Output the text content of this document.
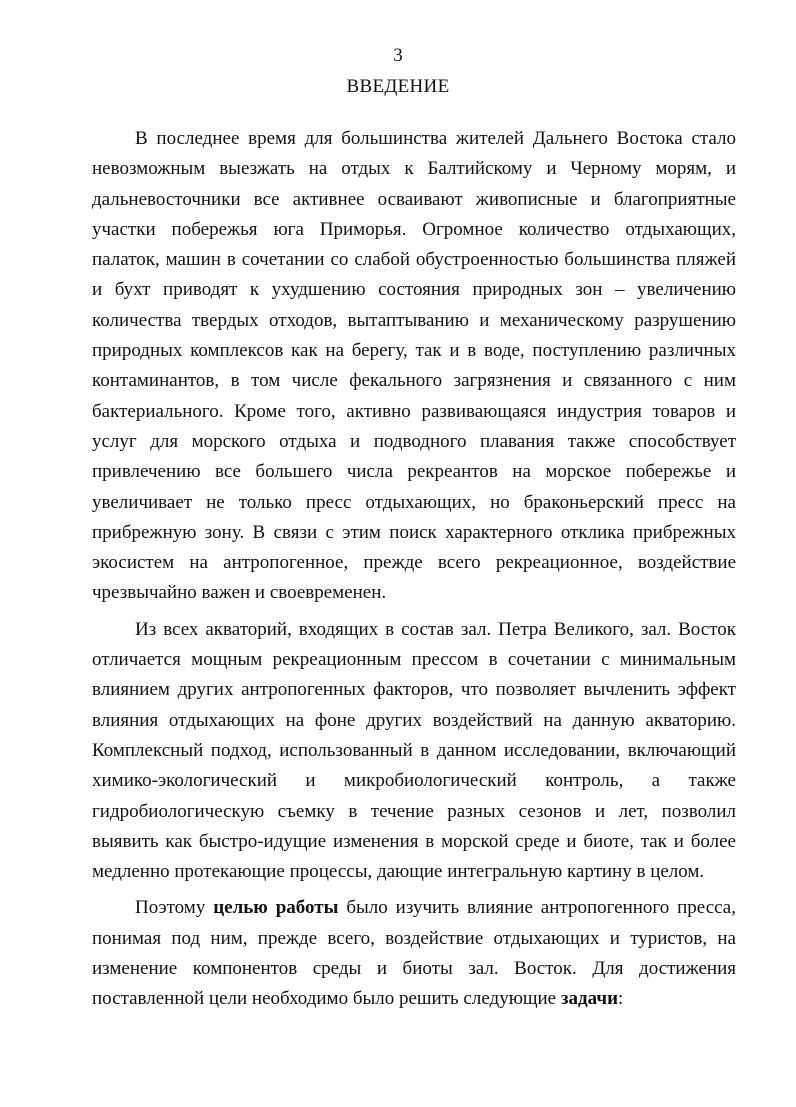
3
ВВЕДЕНИЕ

В последнее время для большинства жителей Дальнего Востока стало невозможным выезжать на отдых к Балтийскому и Черному морям, и дальневосточники все активнее осваивают живописные и благоприятные участки побережья юга Приморья. Огромное количество отдыхающих, палаток, машин в сочетании со слабой обустроенностью большинства пляжей и бухт приводят к ухудшению состояния природных зон – увеличению количества твердых отходов, вытаптыванию и механическому разрушению природных комплексов как на берегу, так и в воде, поступлению различных контаминантов, в том числе фекального загрязнения и связанного с ним бактериального. Кроме того, активно развивающаяся индустрия товаров и услуг для морского отдыха и подводного плавания также способствует привлечению все большего числа рекреантов на морское побережье и увеличивает не только пресс отдыхающих, но браконьерский пресс на прибрежную зону. В связи с этим поиск характерного отклика прибрежных экосистем на антропогенное, прежде всего рекреационное, воздействие чрезвычайно важен и своевременен.

Из всех акваторий, входящих в состав зал. Петра Великого, зал. Восток отличается мощным рекреационным прессом в сочетании с минимальным влиянием других антропогенных факторов, что позволяет вычленить эффект влияния отдыхающих на фоне других воздействий на данную акваторию. Комплексный подход, использованный в данном исследовании, включающий химико-экологический и микробиологический контроль, а также гидробиологическую съемку в течение разных сезонов и лет, позволил выявить как быстро-идущие изменения в морской среде и биоте, так и более медленно протекающие процессы, дающие интегральную картину в целом.

Поэтому целью работы было изучить влияние антропогенного пресса, понимая под ним, прежде всего, воздействие отдыхающих и туристов, на изменение компонентов среды и биоты зал. Восток. Для достижения поставленной цели необходимо было решить следующие задачи:
